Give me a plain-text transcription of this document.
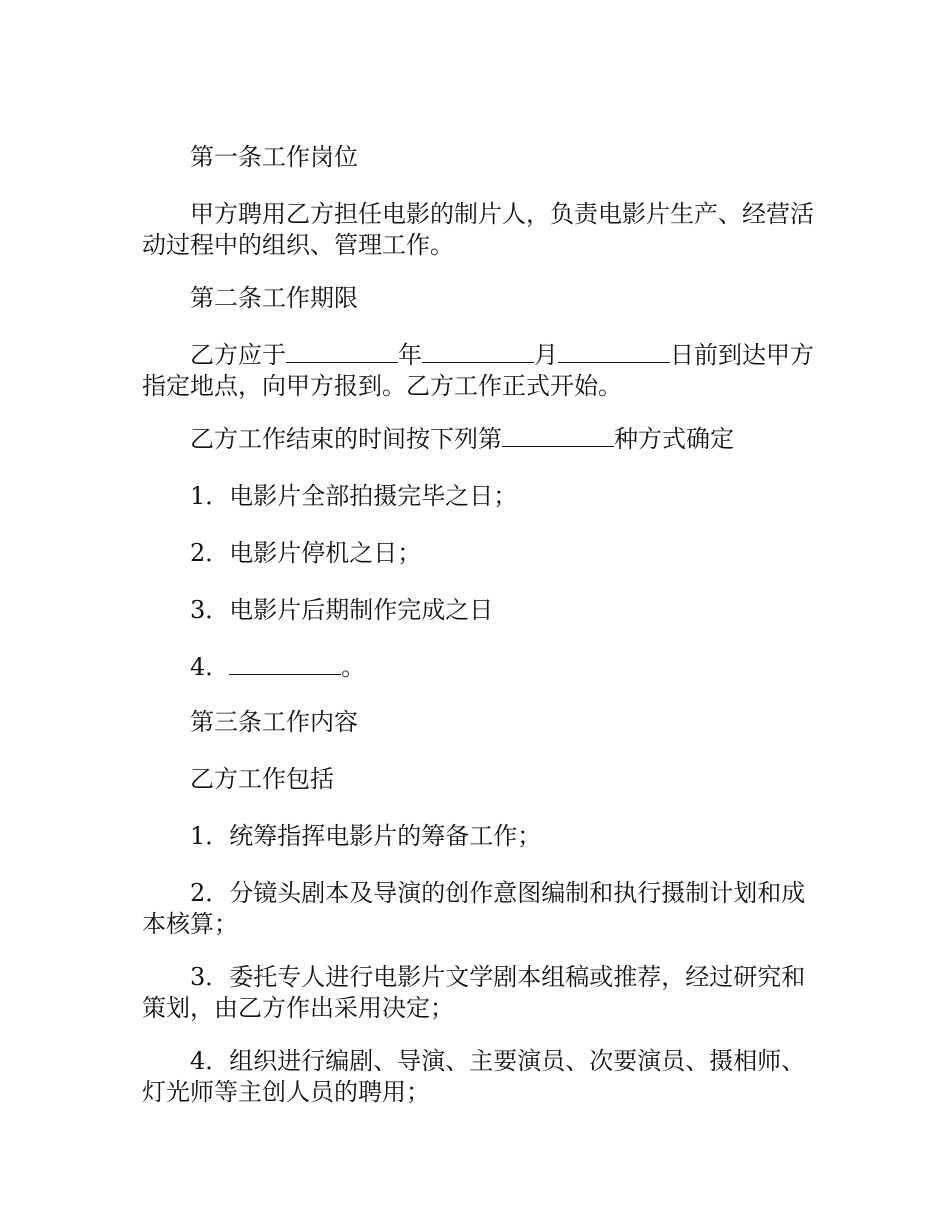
第一条工作岗位

甲方聘用乙方担任电影的制片人，负责电影片生产、经营活动过程中的组织、管理工作。

第二条工作期限

乙方应于	年	月	日前到达甲方指定地点，向甲方报到。乙方工作正式开始。

乙方工作结束的时间按下列第	种方式确定

1．电影片全部拍摄完毕之日；

2．电影片停机之日；

3．电影片后期制作完成之日

4．	。

第三条工作内容

乙方工作包括

1．统筹指挥电影片的筹备工作；

2．分镜头剧本及导演的创作意图编制和执行摄制计划和成本核算；

3．委托专人进行电影片文学剧本组稿或推荐，经过研究和策划，由乙方作出采用决定；

4．组织进行编剧、导演、主要演员、次要演员、摄相师、灯光师等主创人员的聘用；
